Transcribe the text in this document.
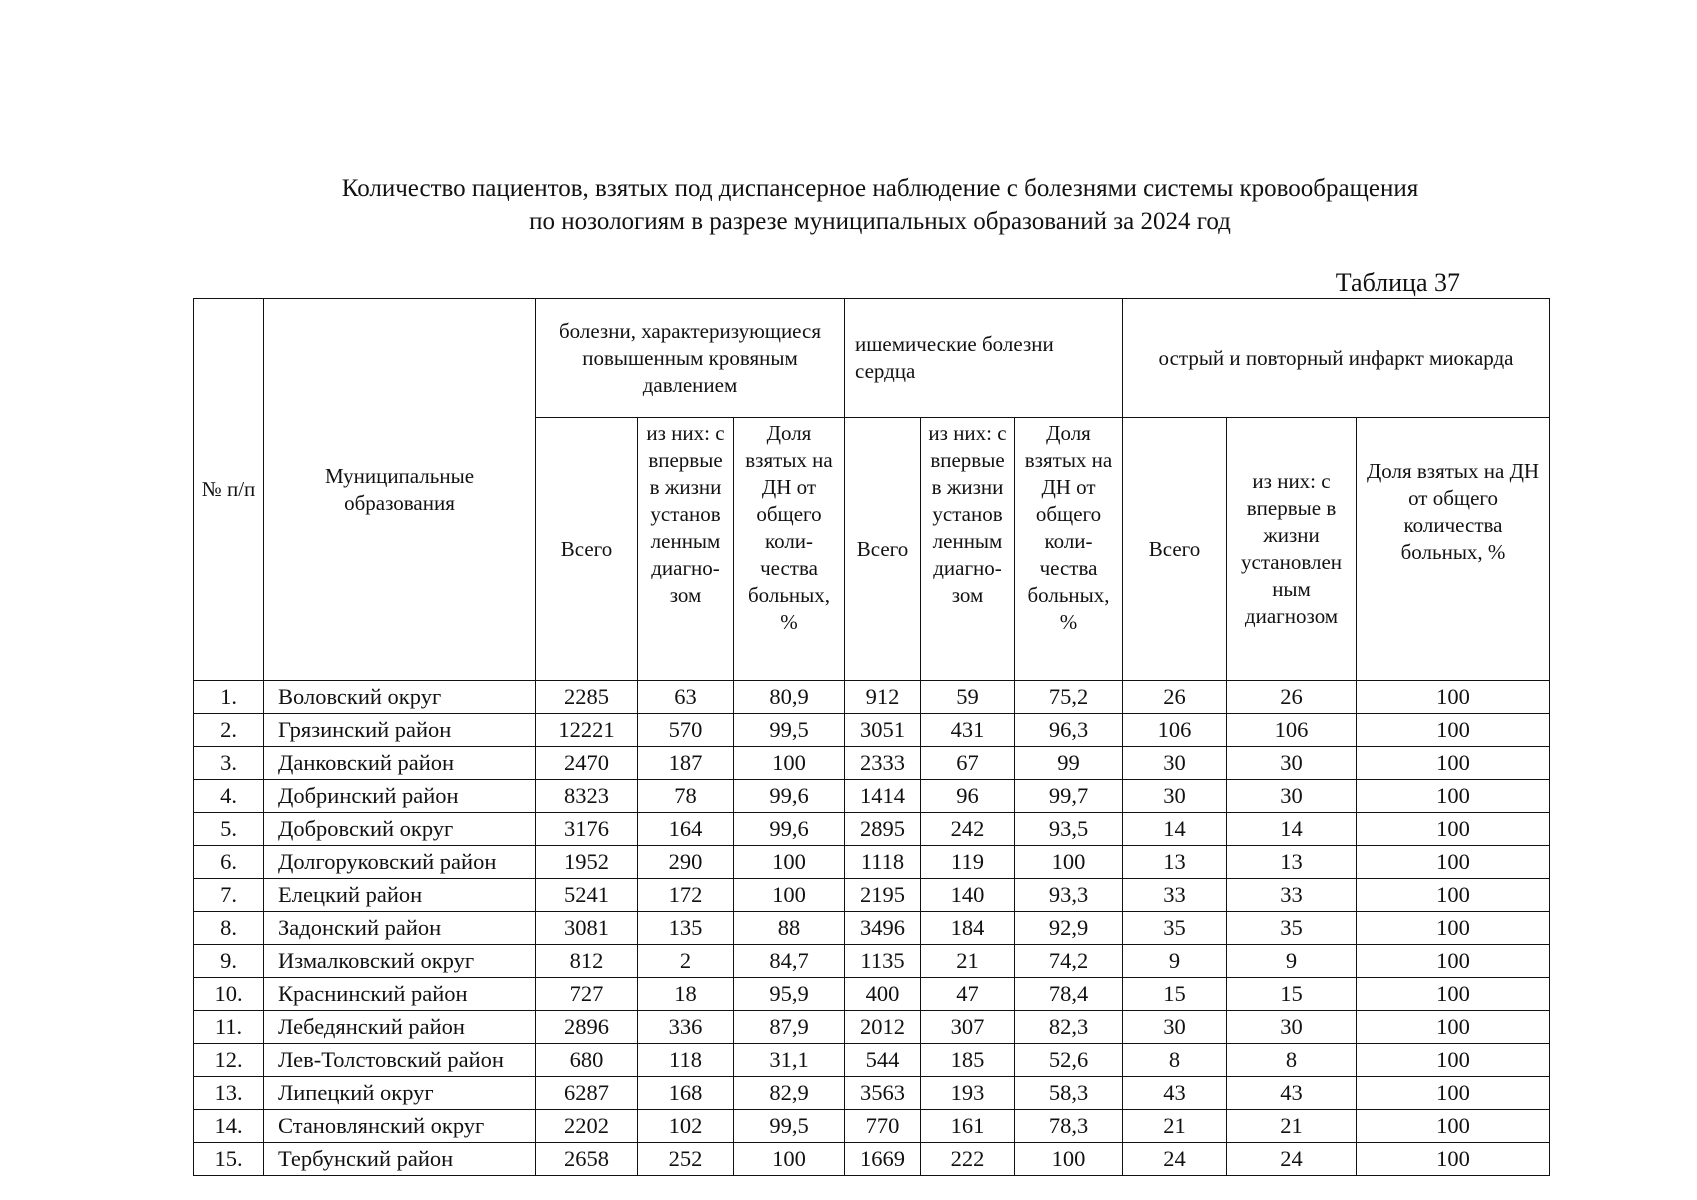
Количество пациентов, взятых под диспансерное наблюдение с болезнями системы кровообращения
по нозологиям в разрезе муниципальных образований за 2024 год
Таблица 37
№ п/п	Муниципальные образования	болезни, характеризующиеся повышенным кровяным давлением			ишемические болезни сердца			острый и повторный инфаркт миокарда		
		Всего	из них: с впервые в жизни установ ленным диагно- зом	Доля взятых на ДН от общего коли- чества больных, %	Всего	из них: с впервые в жизни установ ленным диагно- зом	Доля взятых на ДН от общего коли- чества больных, %	Всего	из них: с впервые в жизни установлен ным диагнозом	Доля взятых на ДН от общего количества больных, %
1.	Воловский округ	2285	63	80,9	912	59	75,2	26	26	100
2.	Грязинский район	12221	570	99,5	3051	431	96,3	106	106	100
3.	Данковский район	2470	187	100	2333	67	99	30	30	100
4.	Добринский район	8323	78	99,6	1414	96	99,7	30	30	100
5.	Добровский округ	3176	164	99,6	2895	242	93,5	14	14	100
6.	Долгоруковский район	1952	290	100	1118	119	100	13	13	100
7.	Елецкий район	5241	172	100	2195	140	93,3	33	33	100
8.	Задонский район	3081	135	88	3496	184	92,9	35	35	100
9.	Измалковский округ	812	2	84,7	1135	21	74,2	9	9	100
10.	Краснинский район	727	18	95,9	400	47	78,4	15	15	100
11.	Лебедянский район	2896	336	87,9	2012	307	82,3	30	30	100
12.	Лев-Толстовский район	680	118	31,1	544	185	52,6	8	8	100
13.	Липецкий округ	6287	168	82,9	3563	193	58,3	43	43	100
14.	Становлянский округ	2202	102	99,5	770	161	78,3	21	21	100
15.	Тербунский район	2658	252	100	1669	222	100	24	24	100
